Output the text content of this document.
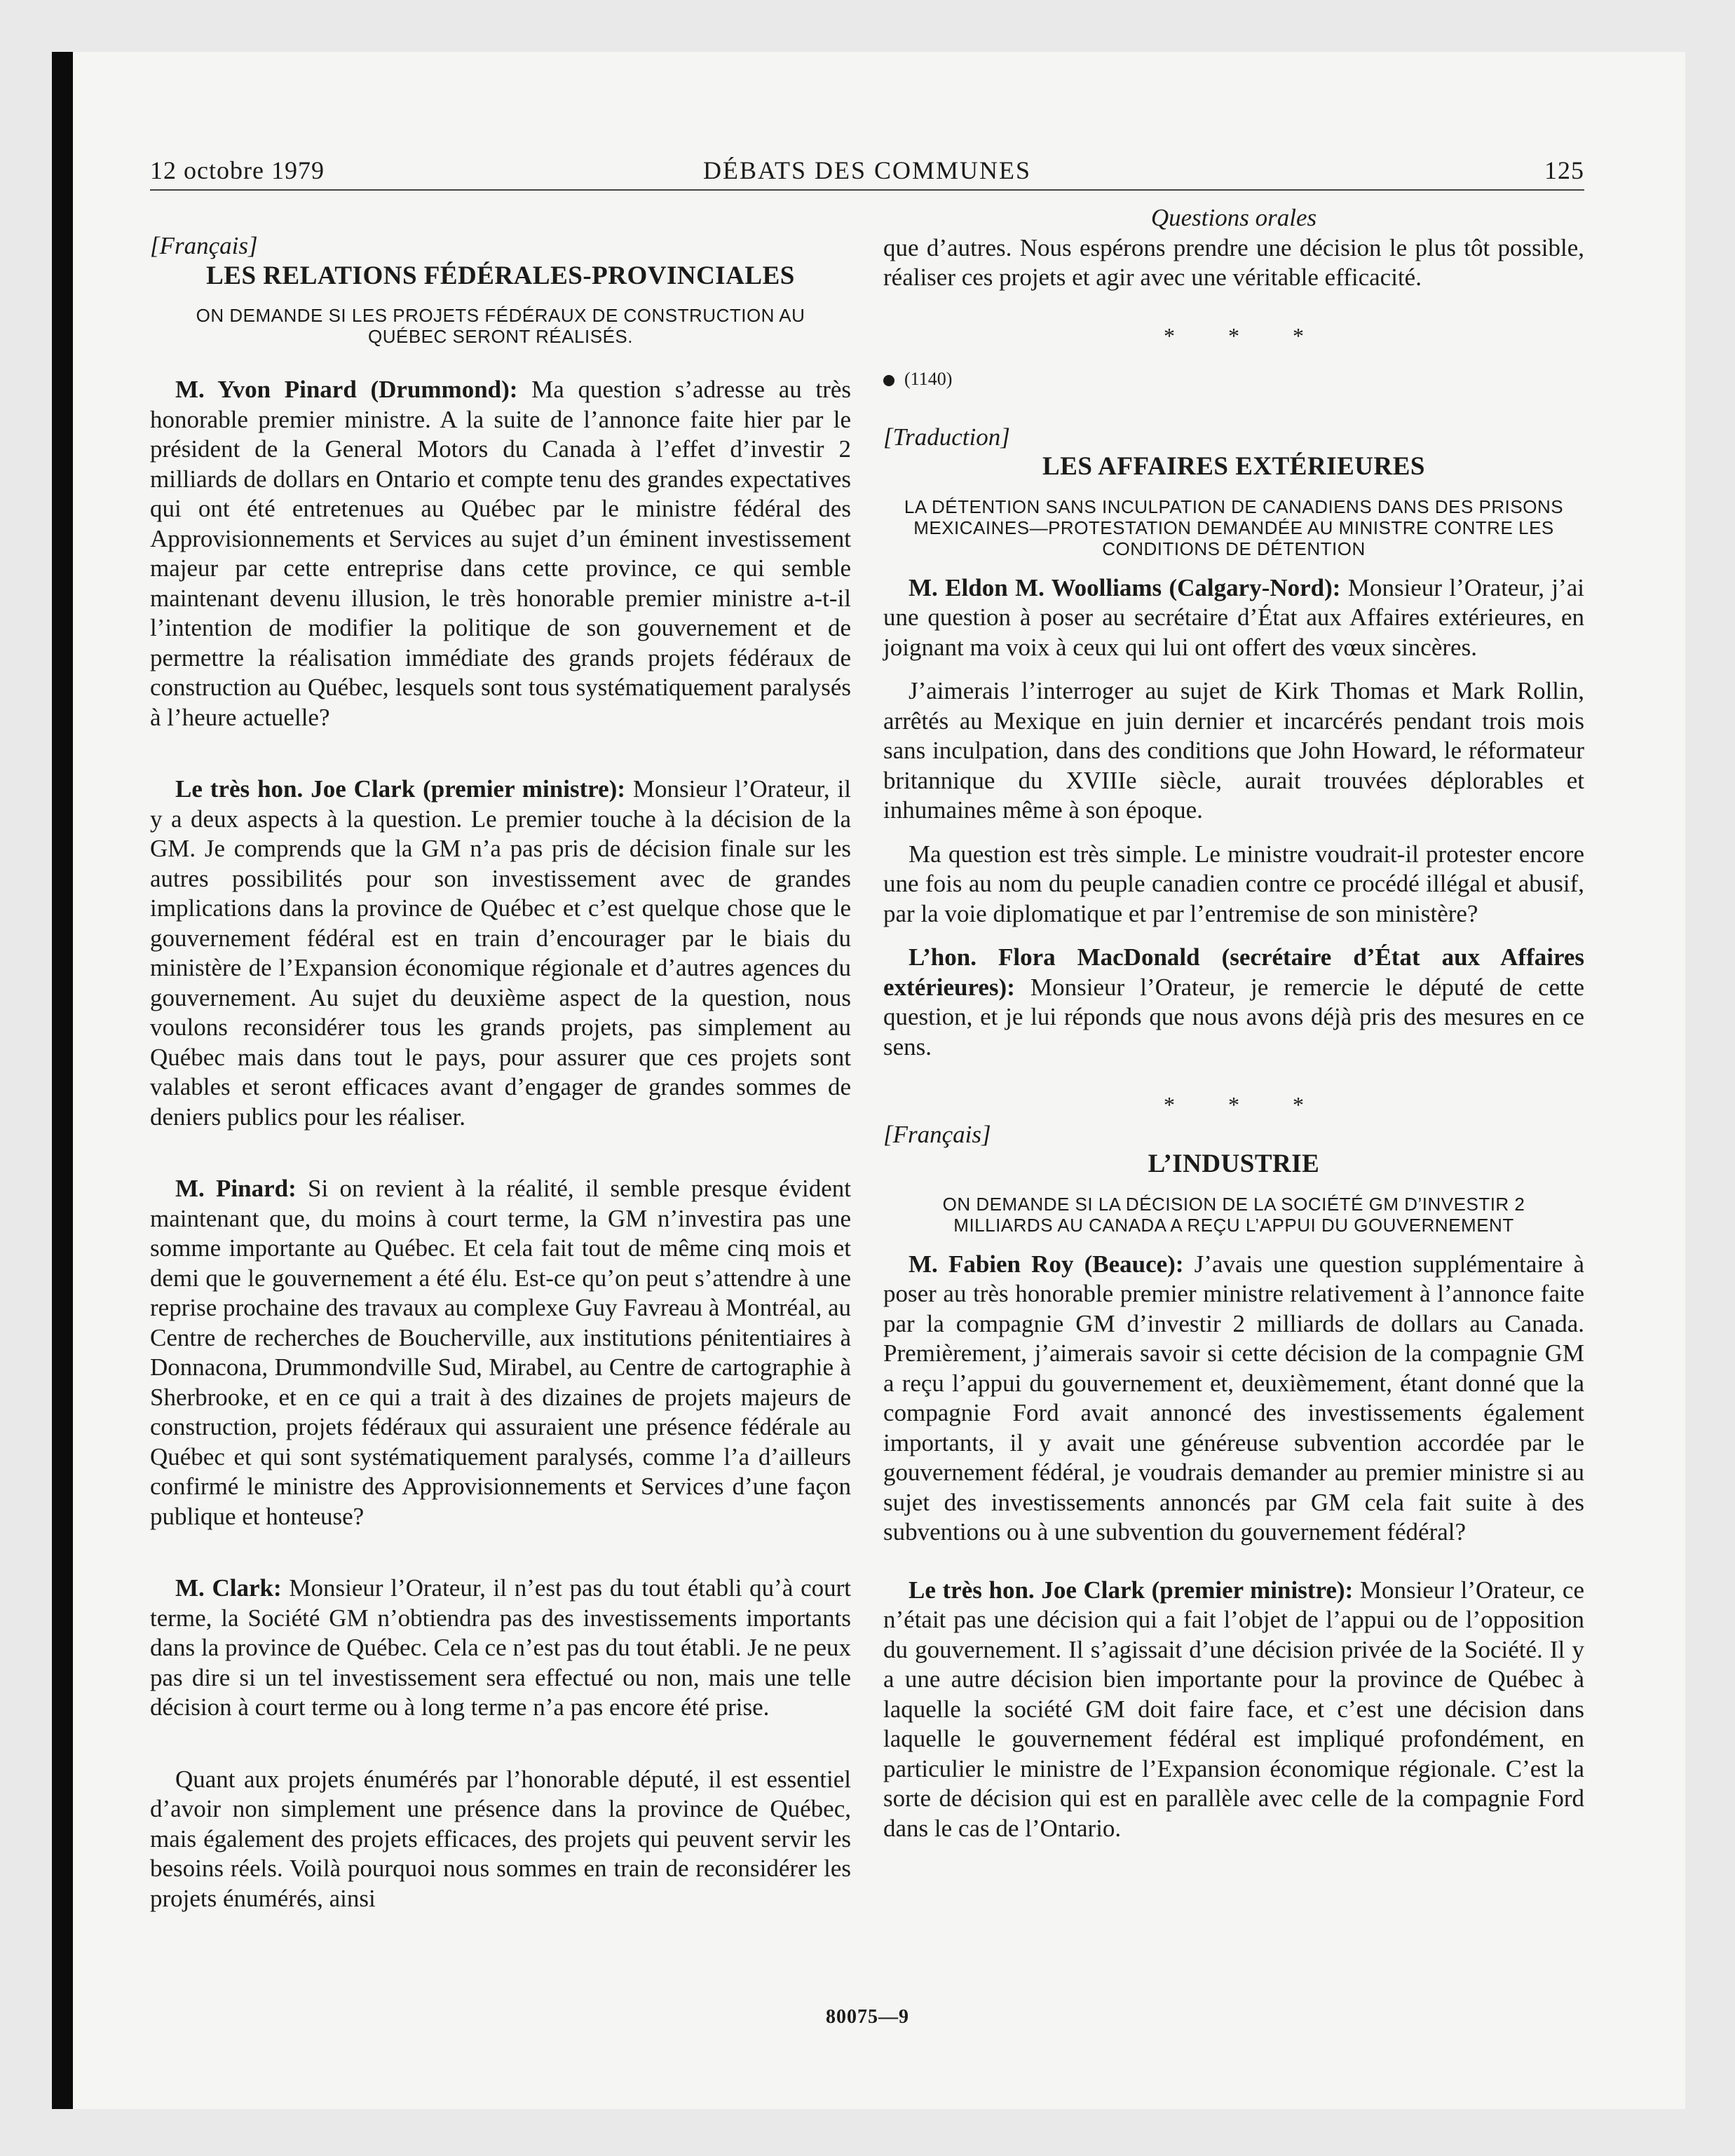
12 octobre 1979	DÉBATS DES COMMUNES	125
[Français]
LES RELATIONS FÉDÉRALES-PROVINCIALES
ON DEMANDE SI LES PROJETS FÉDÉRAUX DE CONSTRUCTION AU QUÉBEC SERONT RÉALISÉS.

M. Yvon Pinard (Drummond): Ma question s’adresse au très honorable premier ministre. A la suite de l’annonce faite hier par le président de la General Motors du Canada à l’effet d’investir 2 milliards de dollars en Ontario et compte tenu des grandes expectatives qui ont été entretenues au Québec par le ministre fédéral des Approvisionnements et Services au sujet d’un éminent investissement majeur par cette entreprise dans cette province, ce qui semble maintenant devenu illusion, le très honorable premier ministre a-t-il l’intention de modifier la politique de son gouvernement et de permettre la réalisation immédiate des grands projets fédéraux de construction au Québec, lesquels sont tous systématiquement paralysés à l’heure actuelle?

Le très hon. Joe Clark (premier ministre): Monsieur l’Orateur, il y a deux aspects à la question. Le premier touche à la décision de la GM. Je comprends que la GM n’a pas pris de décision finale sur les autres possibilités pour son investissement avec de grandes implications dans la province de Québec et c’est quelque chose que le gouvernement fédéral est en train d’encourager par le biais du ministère de l’Expansion économique régionale et d’autres agences du gouvernement. Au sujet du deuxième aspect de la question, nous voulons reconsidérer tous les grands projets, pas simplement au Québec mais dans tout le pays, pour assurer que ces projets sont valables et seront efficaces avant d’engager de grandes sommes de deniers publics pour les réaliser.

M. Pinard: Si on revient à la réalité, il semble presque évident maintenant que, du moins à court terme, la GM n’investira pas une somme importante au Québec. Et cela fait tout de même cinq mois et demi que le gouvernement a été élu. Est-ce qu’on peut s’attendre à une reprise prochaine des travaux au complexe Guy Favreau à Montréal, au Centre de recherches de Boucherville, aux institutions pénitentiaires à Donnacona, Drummondville Sud, Mirabel, au Centre de cartographie à Sherbrooke, et en ce qui a trait à des dizaines de projets majeurs de construction, projets fédéraux qui assuraient une présence fédérale au Québec et qui sont systématiquement paralysés, comme l’a d’ailleurs confirmé le ministre des Approvisionnements et Services d’une façon publique et honteuse?

M. Clark: Monsieur l’Orateur, il n’est pas du tout établi qu’à court terme, la Société GM n’obtiendra pas des investissements importants dans la province de Québec. Cela ce n’est pas du tout établi. Je ne peux pas dire si un tel investissement sera effectué ou non, mais une telle décision à court terme ou à long terme n’a pas encore été prise.

Quant aux projets énumérés par l’honorable député, il est essentiel d’avoir non simplement une présence dans la province de Québec, mais également des projets efficaces, des projets qui peuvent servir les besoins réels. Voilà pourquoi nous sommes en train de reconsidérer les projets énumérés, ainsi

Questions orales

que d’autres. Nous espérons prendre une décision le plus tôt possible, réaliser ces projets et agir avec une véritable efficacité.

* * *
(1140)
[Traduction]
LES AFFAIRES EXTÉRIEURES
LA DÉTENTION SANS INCULPATION DE CANADIENS DANS DES PRISONS MEXICAINES—PROTESTATION DEMANDÉE AU MINISTRE CONTRE LES CONDITIONS DE DÉTENTION

M. Eldon M. Woolliams (Calgary-Nord): Monsieur l’Orateur, j’ai une question à poser au secrétaire d’État aux Affaires extérieures, en joignant ma voix à ceux qui lui ont offert des vœux sincères.

J’aimerais l’interroger au sujet de Kirk Thomas et Mark Rollin, arrêtés au Mexique en juin dernier et incarcérés pendant trois mois sans inculpation, dans des conditions que John Howard, le réformateur britannique du XVIIIe siècle, aurait trouvées déplorables et inhumaines même à son époque.

Ma question est très simple. Le ministre voudrait-il protester encore une fois au nom du peuple canadien contre ce procédé illégal et abusif, par la voie diplomatique et par l’entremise de son ministère?

L’hon. Flora MacDonald (secrétaire d’État aux Affaires extérieures): Monsieur l’Orateur, je remercie le député de cette question, et je lui réponds que nous avons déjà pris des mesures en ce sens.

* * *
[Français]
L’INDUSTRIE
ON DEMANDE SI LA DÉCISION DE LA SOCIÉTÉ GM D’INVESTIR 2 MILLIARDS AU CANADA A REÇU L’APPUI DU GOUVERNEMENT

M. Fabien Roy (Beauce): J’avais une question supplémentaire à poser au très honorable premier ministre relativement à l’annonce faite par la compagnie GM d’investir 2 milliards de dollars au Canada. Premièrement, j’aimerais savoir si cette décision de la compagnie GM a reçu l’appui du gouvernement et, deuxièmement, étant donné que la compagnie Ford avait annoncé des investissements également importants, il y avait une généreuse subvention accordée par le gouvernement fédéral, je voudrais demander au premier ministre si au sujet des investissements annoncés par GM cela fait suite à des subventions ou à une subvention du gouvernement fédéral?

Le très hon. Joe Clark (premier ministre): Monsieur l’Orateur, ce n’était pas une décision qui a fait l’objet de l’appui ou de l’opposition du gouvernement. Il s’agissait d’une décision privée de la Société. Il y a une autre décision bien importante pour la province de Québec à laquelle la société GM doit faire face, et c’est une décision dans laquelle le gouvernement fédéral est impliqué profondément, en particulier le ministre de l’Expansion économique régionale. C’est la sorte de décision qui est en parallèle avec celle de la compagnie Ford dans le cas de l’Ontario.

80075—9
